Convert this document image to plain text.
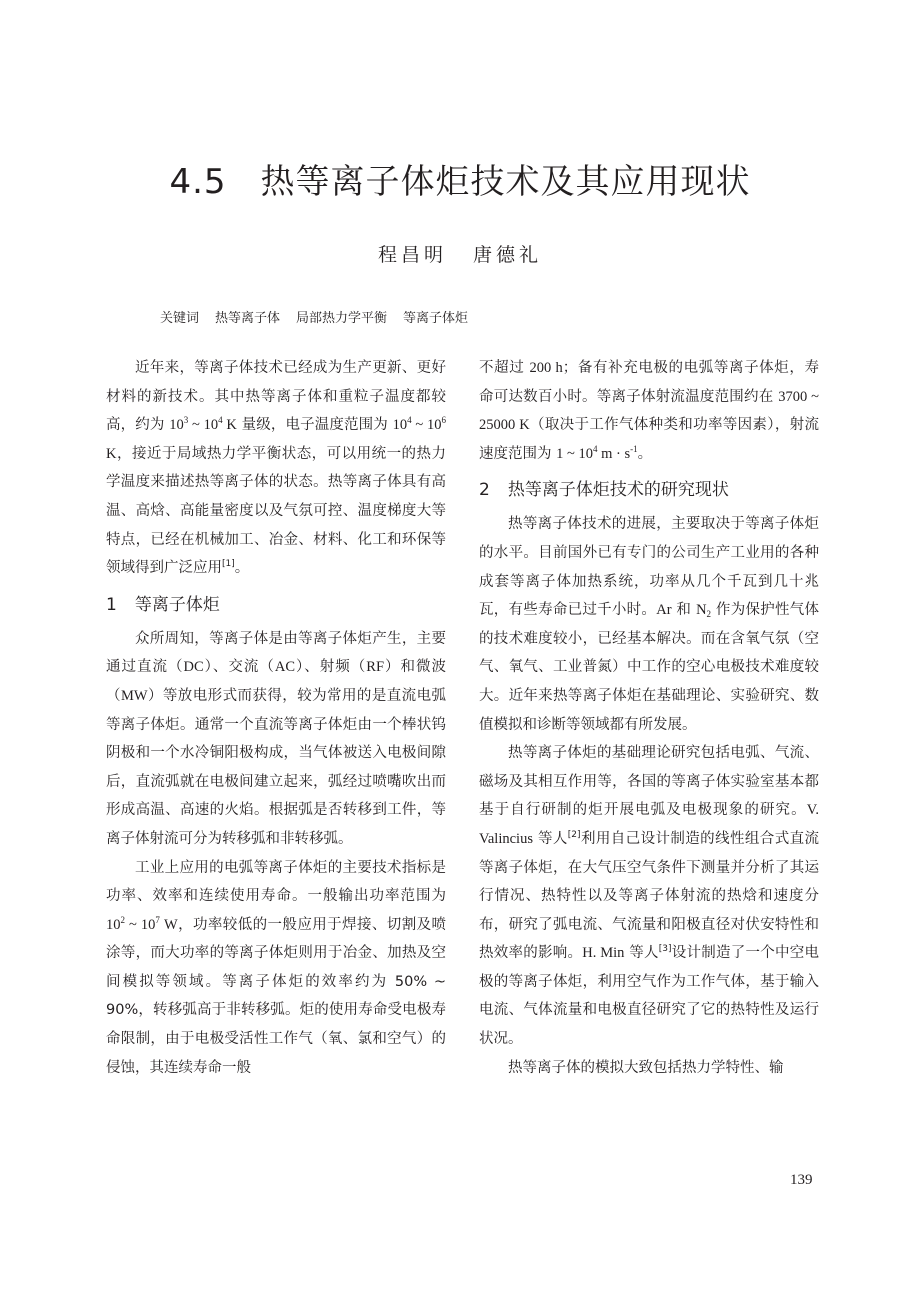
4.5 热等离子体炬技术及其应用现状
程昌明 唐德礼
关键词 热等离子体 局部热力学平衡 等离子体炬

近年来，等离子体技术已经成为生产更新、更好材料的新技术。其中热等离子体和重粒子温度都较高，约为 $10^3$ ~ $10^4$ K 量级，电子温度范围为 $10^4$ ~ $10^6$ K，接近于局域热力学平衡状态，可以用统一的热力学温度来描述热等离子体的状态。热等离子体具有高温、高焓、高能量密度以及气氛可控、温度梯度大等特点，已经在机械加工、冶金、材料、化工和环保等领域得到广泛应用[1]。

1 等离子体炬

众所周知，等离子体是由等离子体炬产生，主要通过直流（DC）、交流（AC）、射频（RF）和微波（MW）等放电形式而获得，较为常用的是直流电弧等离子体炬。通常一个直流等离子体炬由一个棒状钨阴极和一个水冷铜阳极构成，当气体被送入电极间隙后，直流弧就在电极间建立起来，弧经过喷嘴吹出而形成高温、高速的火焰。根据弧是否转移到工件，等离子体射流可分为转移弧和非转移弧。

工业上应用的电弧等离子体炬的主要技术指标是功率、效率和连续使用寿命。一般输出功率范围为 $10^2$ ~ $10^7$ W，功率较低的一般应用于焊接、切割及喷涂等，而大功率的等离子体炬则用于冶金、加热及空间模拟等领域。等离子体炬的效率约为 50% ~ 90%，转移弧高于非转移弧。炬的使用寿命受电极寿命限制，由于电极受活性工作气（氧、氯和空气）的侵蚀，其连续寿命一般

不超过 200 h；备有补充电极的电弧等离子体炬，寿命可达数百小时。等离子体射流温度范围约在 3700 ~ 25000 K（取决于工作气体种类和功率等因素），射流速度范围为 1 ~ $10^4$ $m \cdot s^{-1}$。

2 热等离子体炬技术的研究现状

热等离子体技术的进展，主要取决于等离子体炬的水平。目前国外已有专门的公司生产工业用的各种成套等离子体加热系统，功率从几个千瓦到几十兆瓦，有些寿命已过千小时。Ar 和 $N_2$ 作为保护性气体的技术难度较小，已经基本解决。而在含氧气氛（空气、氧气、工业普氮）中工作的空心电极技术难度较大。近年来热等离子体炬在基础理论、实验研究、数值模拟和诊断等领域都有所发展。

热等离子体炬的基础理论研究包括电弧、气流、磁场及其相互作用等，各国的等离子体实验室基本都基于自行研制的炬开展电弧及电极现象的研究。V. Valincius 等人[2]利用自己设计制造的线性组合式直流等离子体炬，在大气压空气条件下测量并分析了其运行情况、热特性以及等离子体射流的热焓和速度分布，研究了弧电流、气流量和阳极直径对伏安特性和热效率的影响。H. Min 等人[3]设计制造了一个中空电极的等离子体炬，利用空气作为工作气体，基于输入电流、气体流量和电极直径研究了它的热特性及运行状况。

热等离子体的模拟大致包括热力学特性、输

139
